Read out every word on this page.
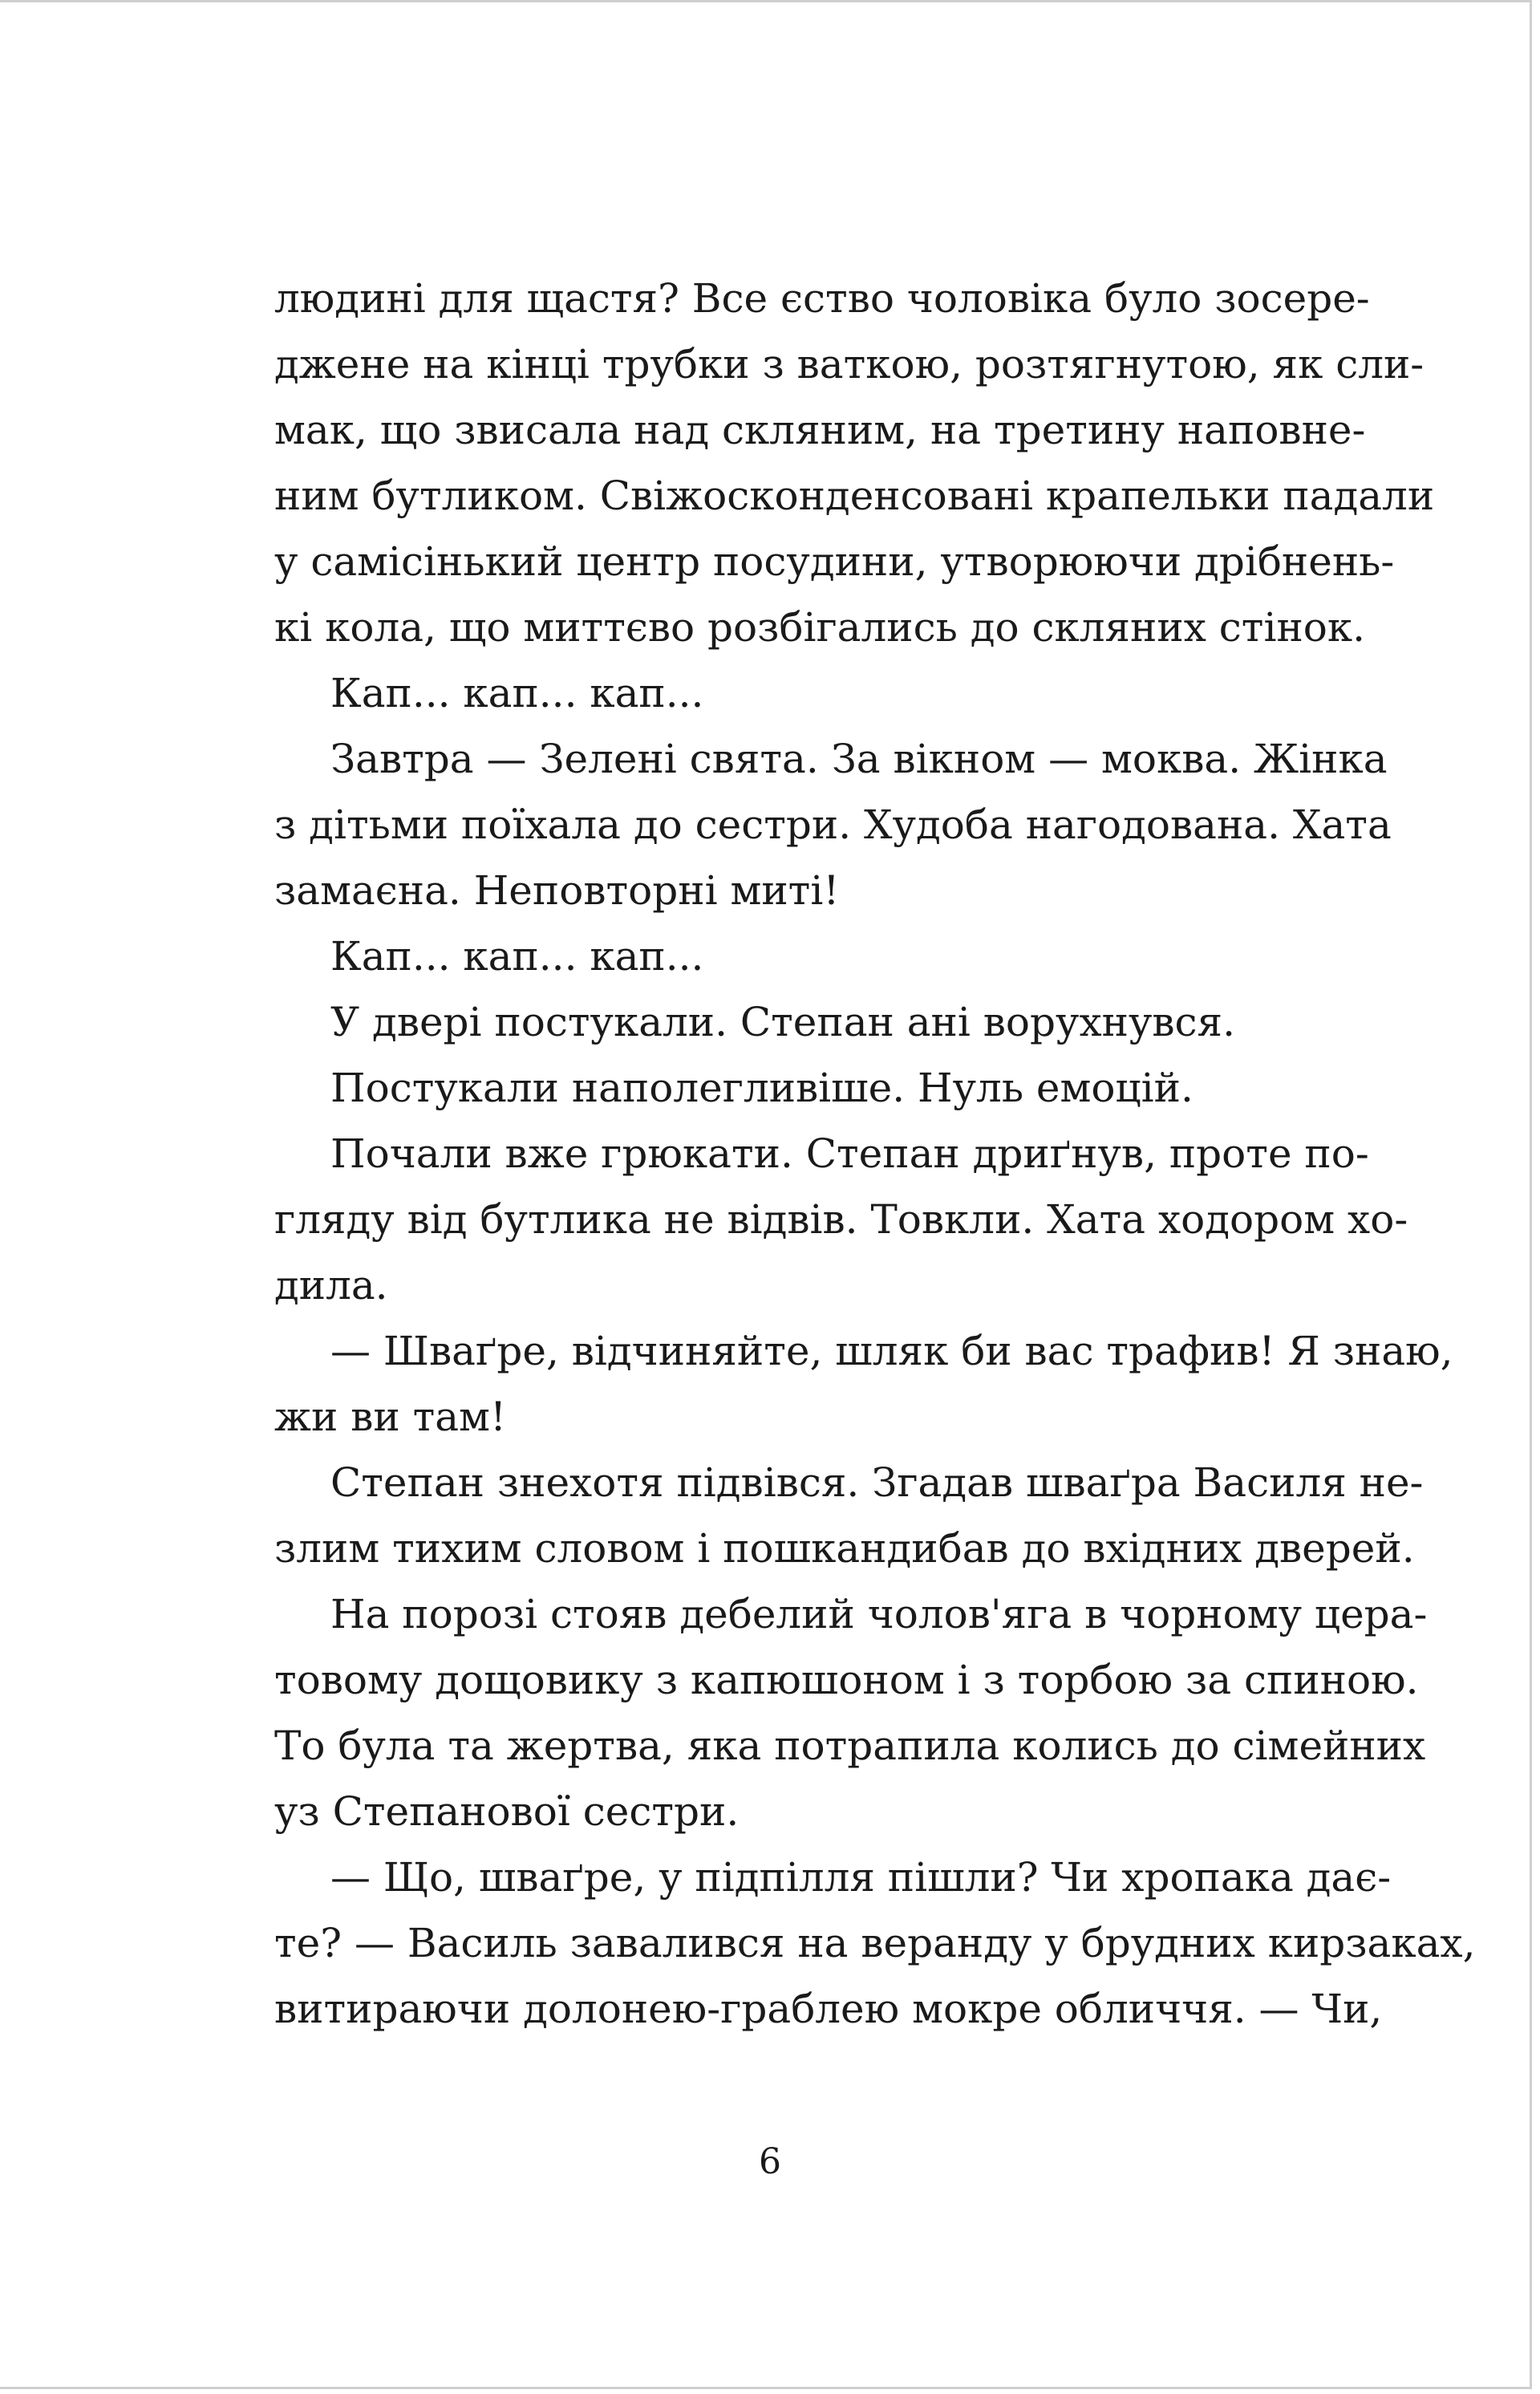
людині для щастя? Все єство чоловіка було зосере-
джене на кінці трубки з ваткою, розтягнутою, як сли-
мак, що звисала над скляним, на третину наповне-
ним бутликом. Свіжосконденсовані крапельки падали
у самісінький центр посудини, утворюючи дрібнень-
кі кола, що миттєво розбігались до скляних стінок.
Кап... кап... кап...
Завтра — Зелені свята. За вікном — моква. Жінка
з дітьми поїхала до сестри. Худоба нагодована. Хата
замаєна. Неповторні миті!
Кап... кап... кап...
У двері постукали. Степан ані ворухнувся.
Постукали наполегливіше. Нуль емоцій.
Почали вже грюкати. Степан дриґнув, проте по-
гляду від бутлика не відвів. Товкли. Хата ходором хо-
дила.
— Шваґре, відчиняйте, шляк би вас трафив! Я знаю,
жи ви там!
Степан знехотя підвівся. Згадав шваґра Василя не-
злим тихим словом і пошкандибав до вхідних дверей.
На порозі стояв дебелий чолов'яга в чорному цера-
товому дощовику з капюшоном і з торбою за спиною.
То була та жертва, яка потрапила колись до сімейних
уз Степанової сестри.
— Що, шваґре, у підпілля пішли? Чи хропака дає-
те? — Василь завалився на веранду у брудних кирзаках,
витираючи долонею-граблею мокре обличчя. — Чи,
6
